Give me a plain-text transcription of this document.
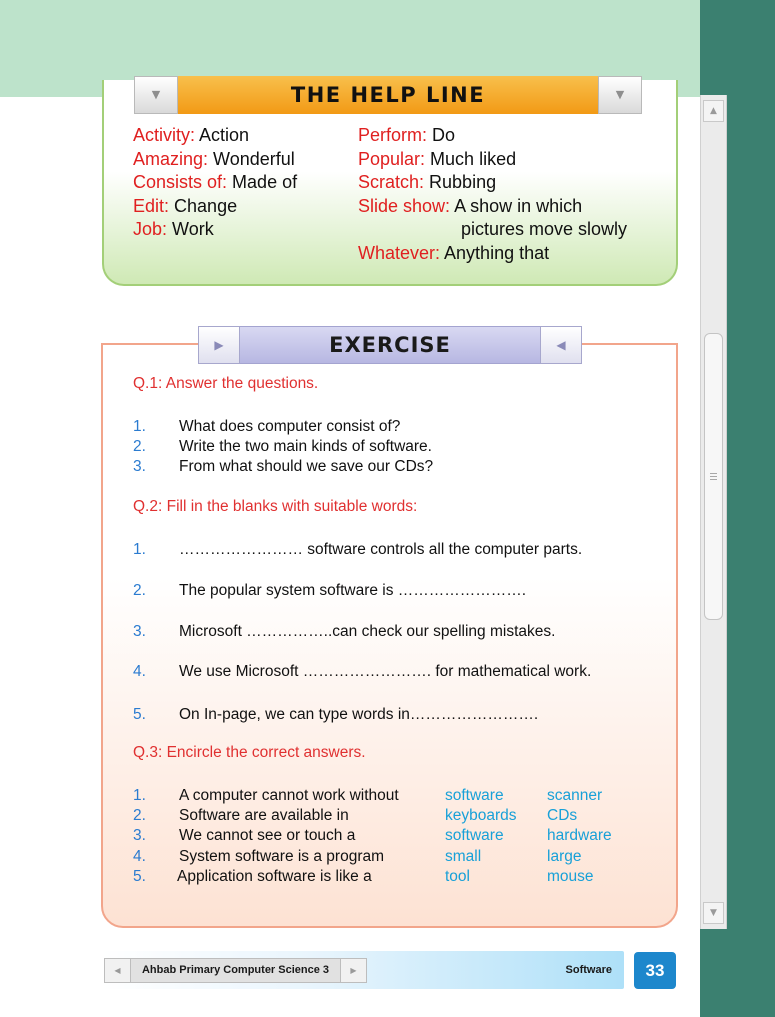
THE HELP LINE
▼	▼
Activity: Action
Amazing: Wonderful
Consists of: Made of
Edit: Change
Job: Work
Perform: Do
Popular: Much liked
Scratch: Rubbing
Slide show: A show in which
pictures move slowly
Whatever: Anything that
EXERCISE
▶	◀
Q.1: Answer the questions.
1. What does computer consist of?
2. Write the two main kinds of software.
3. From what should we save our CDs?
Q.2: Fill in the blanks with suitable words:
1. …………………… software controls all the computer parts.
2. The popular system software is …………………….
3. Microsoft ……………..can check our spelling mistakes.
4. We use Microsoft ……………………. for mathematical work.
5. On In-page, we can type words in…………………….
Q.3: Encircle the correct answers.
1. A computer cannot work without	software	scanner
2. Software are available in	keyboards CDs
3. We cannot see or touch a	software	hardware
4. System software is a program	small	large
5. Application software is like a	tool	mouse
◀	Ahbab Primary Computer Science 3	▶	Software	33
▲
▼
